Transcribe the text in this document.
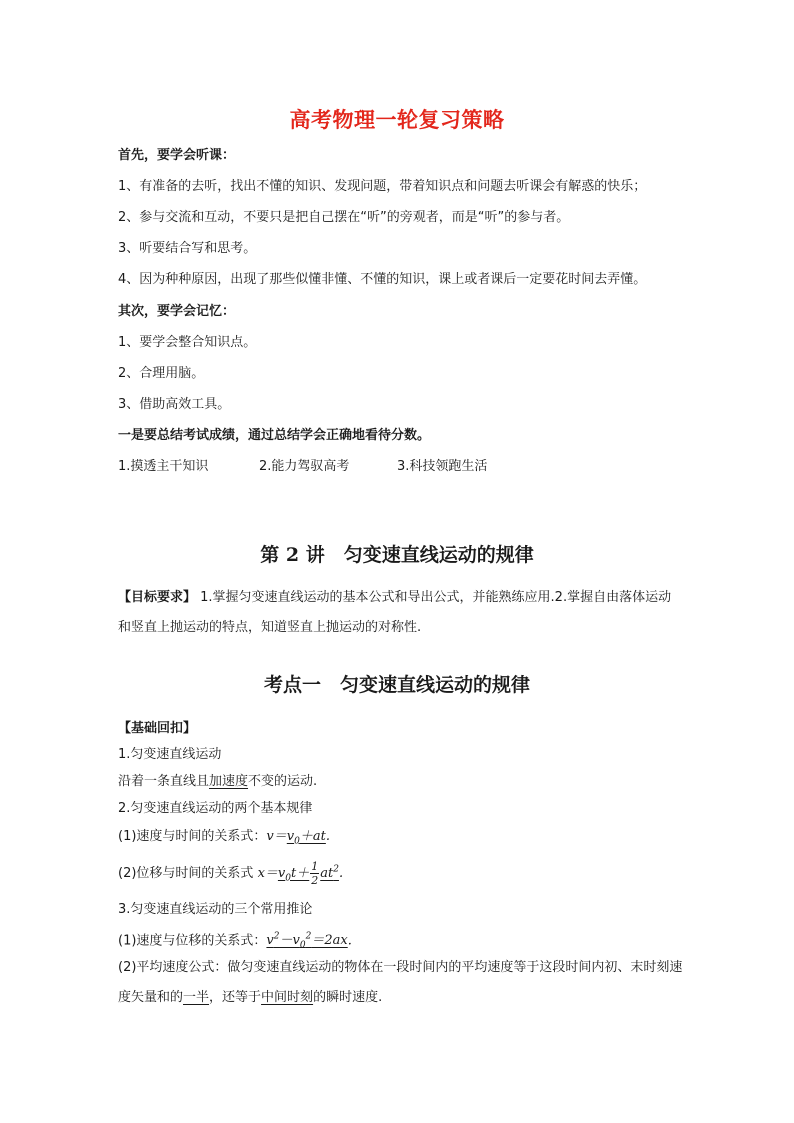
高考物理一轮复习策略
首先，要学会听课：
1、有准备的去听，找出不懂的知识、发现问题，带着知识点和问题去听课会有解惑的快乐；
2、参与交流和互动，不要只是把自己摆在“听”的旁观者，而是“听”的参与者。
3、听要结合写和思考。
4、因为种种原因，出现了那些似懂非懂、不懂的知识，课上或者课后一定要花时间去弄懂。
其次，要学会记忆：
1、要学会整合知识点。
2、合理用脑。
3、借助高效工具。
一是要总结考试成绩，通过总结学会正确地看待分数。
1.摸透主干知识	2.能力驾驭高考	3.科技领跑生活
第 2 讲　匀变速直线运动的规律
【目标要求】 1.掌握匀变速直线运动的基本公式和导出公式，并能熟练应用.2.掌握自由落体运动和竖直上抛运动的特点，知道竖直上抛运动的对称性.
考点一　匀变速直线运动的规律
【基础回扣】
1.匀变速直线运动
沿着一条直线且加速度不变的运动.
2.匀变速直线运动的两个基本规律
(1)速度与时间的关系式：$v=v_0+at$.
(2)位移与时间的关系式 $x=v_0t+ \frac{1}{2} at^2$.
3.匀变速直线运动的三个常用推论
(1)速度与位移的关系式：$v^2-v_0^2=2ax$.
(2)平均速度公式：做匀变速直线运动的物体在一段时间内的平均速度等于这段时间内初、末时刻速度矢量和的一半，还等于中间时刻的瞬时速度.
